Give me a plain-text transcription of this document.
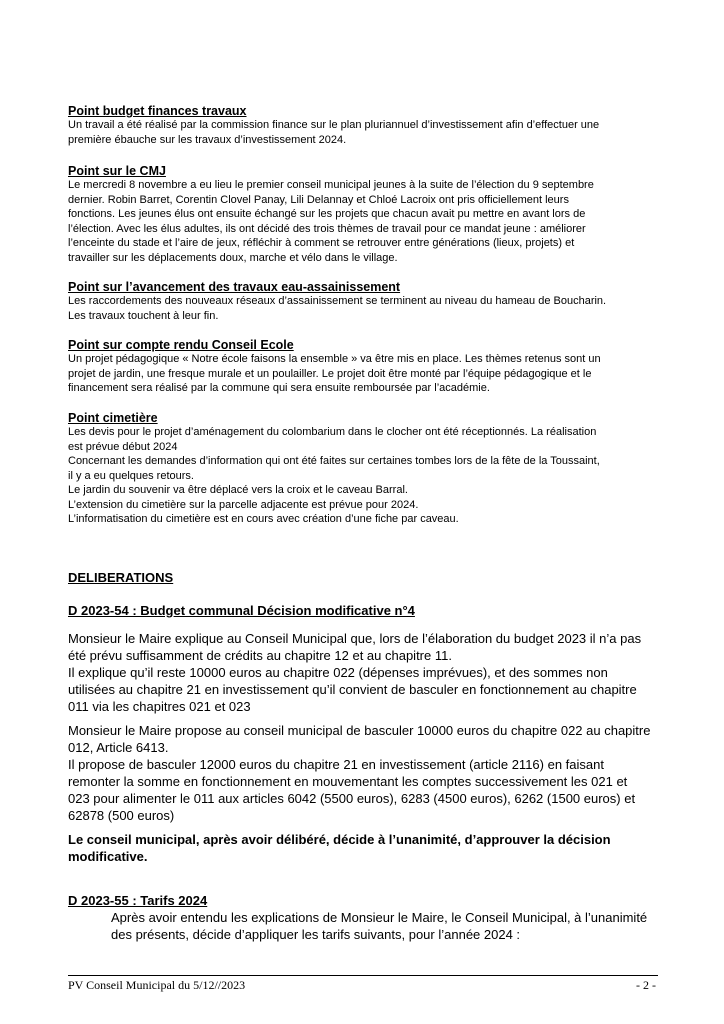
Point budget finances travaux
Un travail a été réalisé par la commission finance sur le plan pluriannuel d’investissement afin d’effectuer une
première ébauche sur les travaux d’investissement 2024.
Point sur le CMJ
Le mercredi 8 novembre a eu lieu le premier conseil municipal jeunes à la suite de l’élection du 9 septembre
dernier. Robin Barret, Corentin Clovel Panay, Lili Delannay et Chloé Lacroix ont pris officiellement leurs
fonctions. Les jeunes élus ont ensuite échangé sur les projets que chacun avait pu mettre en avant lors de
l’élection. Avec les élus adultes, ils ont décidé des trois thèmes de travail pour ce mandat jeune : améliorer
l’enceinte du stade et l’aire de jeux, réfléchir à comment se retrouver entre générations (lieux, projets) et
travailler sur les déplacements doux, marche et vélo dans le village.
Point sur l’avancement des travaux eau-assainissement
Les raccordements des nouveaux réseaux d’assainissement se terminent au niveau du hameau de Boucharin.
Les travaux touchent à leur fin.
Point sur compte rendu Conseil Ecole
Un projet pédagogique « Notre école faisons la ensemble » va être mis en place. Les thèmes retenus sont un
projet de jardin, une fresque murale et un poulailler. Le projet doit être monté par l’équipe pédagogique et le
financement sera réalisé par la commune qui sera ensuite remboursée par l’académie.
Point cimetière
Les devis pour le projet d’aménagement du colombarium dans le clocher ont été réceptionnés. La réalisation
est prévue début 2024
Concernant les demandes d’information qui ont été faites sur certaines tombes lors de la fête de la Toussaint,
il y a eu quelques retours.
Le jardin du souvenir va être déplacé vers la croix et le caveau Barral.
L’extension du cimetière sur la parcelle adjacente est prévue pour 2024.
L’informatisation du cimetière est en cours avec création d’une fiche par caveau.
DELIBERATIONS
D 2023-54 : Budget communal Décision modificative n°4
Monsieur le Maire explique au Conseil Municipal que, lors de l’élaboration du budget 2023 il n’a pas
été prévu suffisamment de crédits au chapitre 12 et au chapitre 11.
Il explique qu’il reste 10000 euros au chapitre 022 (dépenses imprévues), et des sommes non
utilisées au chapitre 21 en investissement qu’il convient de basculer en fonctionnement au chapitre
011 via les chapitres 021 et 023
Monsieur le Maire propose au conseil municipal de basculer 10000 euros du chapitre 022 au chapitre
012, Article 6413.
Il propose de basculer 12000 euros du chapitre 21 en investissement (article 2116) en faisant
remonter la somme en fonctionnement en mouvementant les comptes successivement les 021 et
023 pour alimenter le 011 aux articles 6042 (5500 euros), 6283 (4500 euros), 6262 (1500 euros) et
62878 (500 euros)
Le conseil municipal, après avoir délibéré, décide à l’unanimité, d’approuver la décision
modificative.
D 2023-55 : Tarifs 2024
Après avoir entendu les explications de Monsieur le Maire, le Conseil Municipal, à l’unanimité
des présents, décide d’appliquer les tarifs suivants, pour l’année 2024 :
PV Conseil Municipal du 5/12//2023	- 2 -
